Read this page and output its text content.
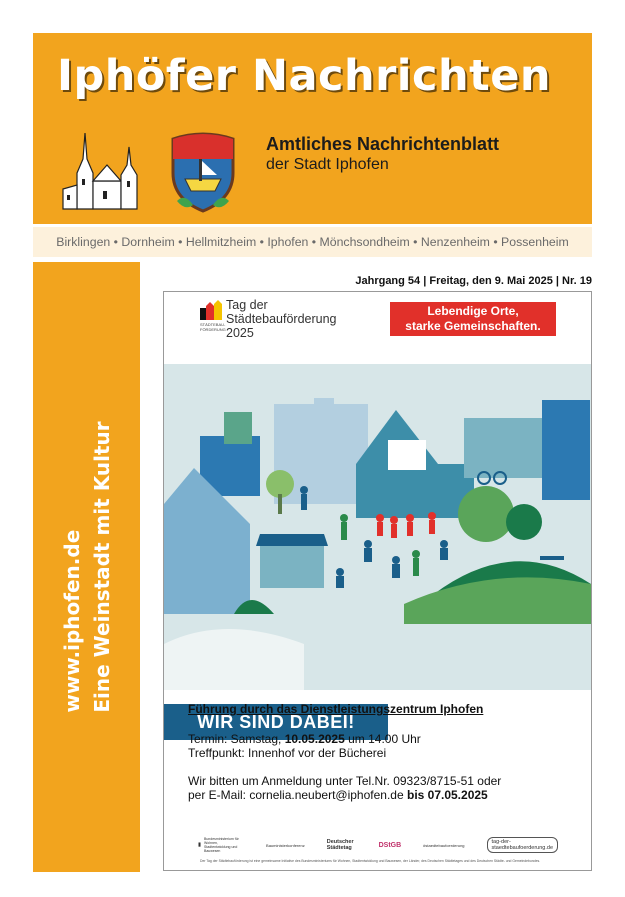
Iphöfer Nachrichten
Amtliches Nachrichtenblatt
der Stadt Iphofen
Birklingen • Dornheim • Hellmitzheim • Iphofen • Mönchsondheim • Nenzenheim • Possenheim
www.iphofen.de Eine Weinstadt mit Kultur
Jahrgang 54 | Freitag, den 9. Mai 2025 | Nr. 19
STÄDTEBAU- FÖRDERUNG
Tag der
Städtebauförderung
2025
Lebendige Orte,
starke Gemeinschaften.
WIR SIND DABEI!
Führung durch das Dienstleistungszentrum Iphofen
Termin: Samstag, 10.05.2025 um 14.00 Uhr
Treffpunkt: Innenhof vor der Bücherei
Wir bitten um Anmeldung unter Tel.Nr. 09323/8715-51 oder
per E-Mail: cornelia.neubert@iphofen.de bis 07.05.2025
▮
Bundesministerium für Wohnen, Stadtentwicklung und Bauwesen
Bauministerkonferenz	Deutscher Städtetag	DStGB	#staedtebaufoerderung	tag-der-staedtebaufoerderung.de
Der Tag der Städtebauförderung ist eine gemeinsame Initiative des Bundesministeriums für Wohnen, Stadtentwicklung und Bauwesen, der Länder, des Deutschen Städtetages und des Deutschen Städte- und Gemeindebundes.
